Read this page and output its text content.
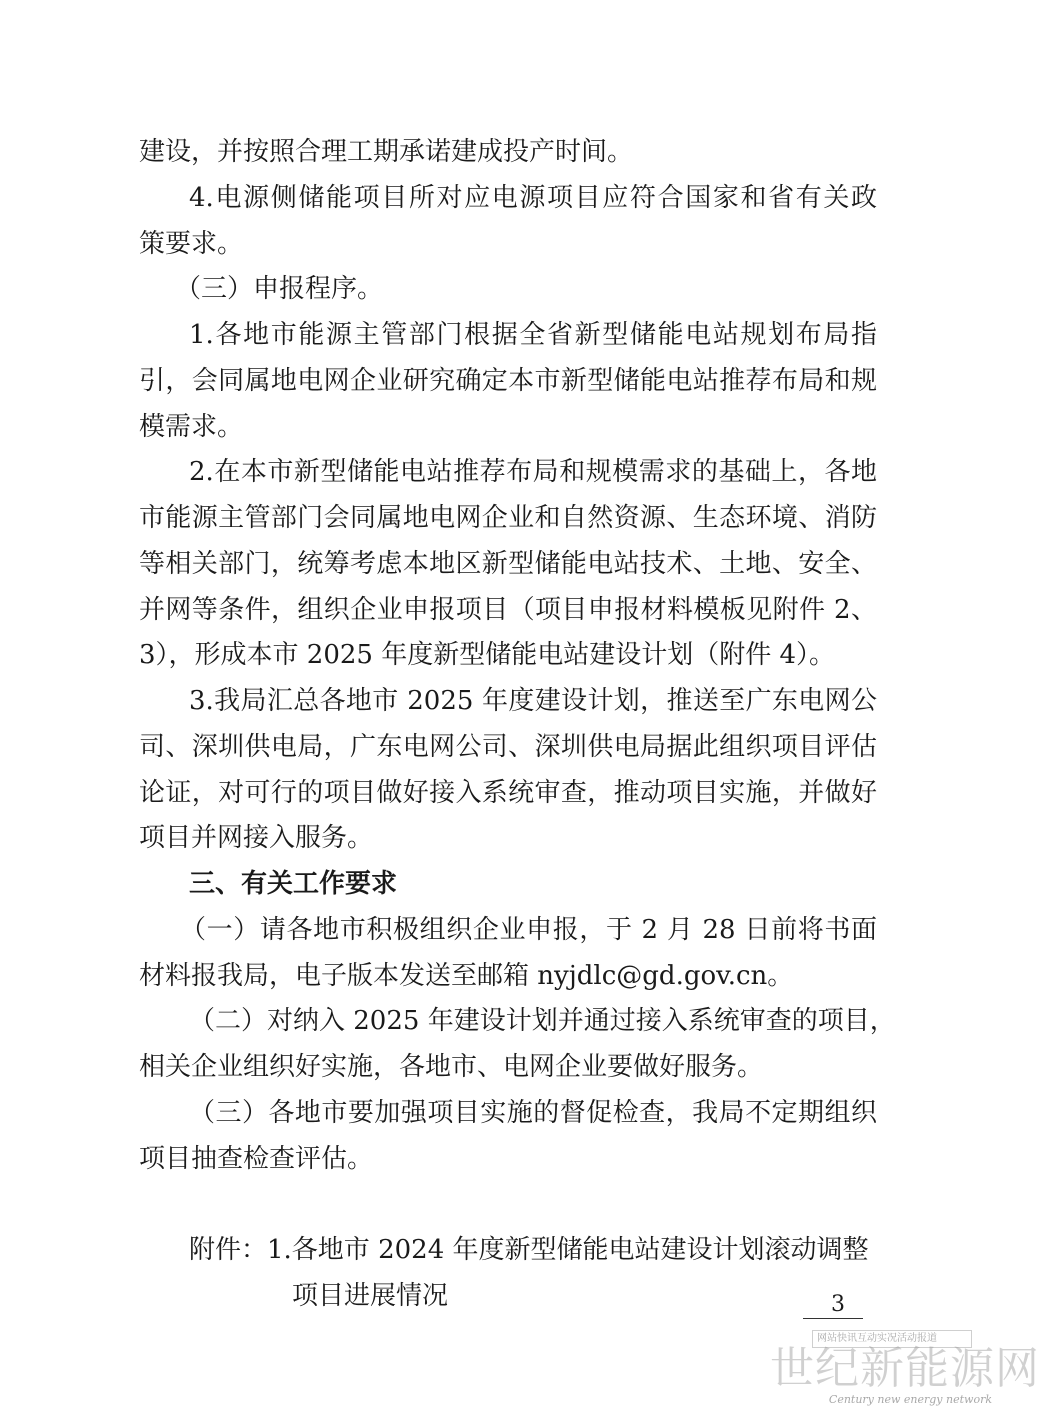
建设，并按照合理工期承诺建成投产时间。
4.电源侧储能项目所对应电源项目应符合国家和省有关政
策要求。
（三）申报程序。
1.各地市能源主管部门根据全省新型储能电站规划布局指
引，会同属地电网企业研究确定本市新型储能电站推荐布局和规
模需求。
2.在本市新型储能电站推荐布局和规模需求的基础上，各地
市能源主管部门会同属地电网企业和自然资源、生态环境、消防
等相关部门，统筹考虑本地区新型储能电站技术、土地、安全、
并网等条件，组织企业申报项目（项目申报材料模板见附件 2、
3），形成本市 2025 年度新型储能电站建设计划（附件 4）。
3.我局汇总各地市 2025 年度建设计划，推送至广东电网公
司、深圳供电局，广东电网公司、深圳供电局据此组织项目评估
论证，对可行的项目做好接入系统审查，推动项目实施，并做好
项目并网接入服务。
三、有关工作要求
（一）请各地市积极组织企业申报，于 2 月 28 日前将书面
材料报我局，电子版本发送至邮箱 nyjdlc@gd.gov.cn。
（二）对纳入 2025 年建设计划并通过接入系统审查的项目，
相关企业组织好实施，各地市、电网企业要做好服务。
（三）各地市要加强项目实施的督促检查，我局不定期组织
项目抽查检查评估。
附件：1.各地市 2024 年度新型储能电站建设计划滚动调整
项目进展情况	3
网站快讯互动实况活动报道
世纪新能源网
Century new energy network
